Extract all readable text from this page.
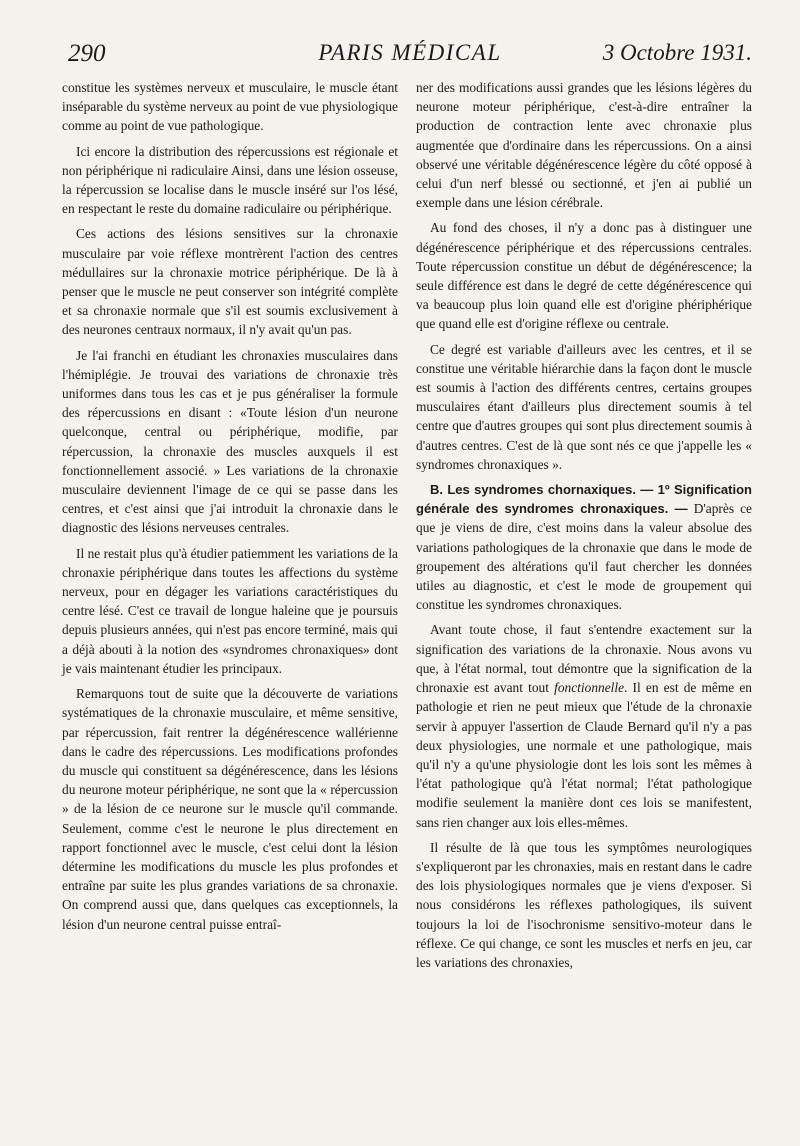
290	PARIS MÉDICAL	3 Octobre 1931.

constitue les systèmes nerveux et musculaire, le muscle étant inséparable du système nerveux au point de vue physiologique comme au point de vue pathologique.

Ici encore la distribution des répercussions est régionale et non périphérique ni radiculaire Ainsi, dans une lésion osseuse, la répercussion se localise dans le muscle inséré sur l'os lésé, en respectant le reste du domaine radiculaire ou périphérique.

Ces actions des lésions sensitives sur la chronaxie musculaire par voie réflexe montrèrent l'action des centres médullaires sur la chronaxie motrice périphérique. De là à penser que le muscle ne peut conserver son intégrité complète et sa chronaxie normale que s'il est soumis exclusivement à des neurones centraux normaux, il n'y avait qu'un pas.

Je l'ai franchi en étudiant les chronaxies musculaires dans l'hémiplégie. Je trouvai des variations de chronaxie très uniformes dans tous les cas et je pus généraliser la formule des répercussions en disant : «Toute lésion d'un neurone quelconque, central ou périphérique, modifie, par répercussion, la chronaxie des muscles auxquels il est fonctionnellement associé. » Les variations de la chronaxie musculaire deviennent l'image de ce qui se passe dans les centres, et c'est ainsi que j'ai introduit la chronaxie dans le diagnostic des lésions nerveuses centrales.

Il ne restait plus qu'à étudier patiemment les variations de la chronaxie périphérique dans toutes les affections du système nerveux, pour en dégager les variations caractéristiques du centre lésé. C'est ce travail de longue haleine que je poursuis depuis plusieurs années, qui n'est pas encore terminé, mais qui a déjà abouti à la notion des «syndromes chronaxiques» dont je vais maintenant étudier les principaux.

Remarquons tout de suite que la découverte de variations systématiques de la chronaxie musculaire, et même sensitive, par répercussion, fait rentrer la dégénérescence wallérienne dans le cadre des répercussions. Les modifications profondes du muscle qui constituent sa dégénérescence, dans les lésions du neurone moteur périphérique, ne sont que la « répercussion » de la lésion de ce neurone sur le muscle qu'il commande. Seulement, comme c'est le neurone le plus directement en rapport fonctionnel avec le muscle, c'est celui dont la lésion détermine les modifications du muscle les plus profondes et entraîne par suite les plus grandes variations de sa chronaxie. On comprend aussi que, dans quelques cas exceptionnels, la lésion d'un neurone central puisse entraî-

ner des modifications aussi grandes que les lésions légères du neurone moteur périphérique, c'est-à-dire entraîner la production de contraction lente avec chronaxie plus augmentée que d'ordinaire dans les répercussions. On a ainsi observé une véritable dégénérescence légère du côté opposé à celui d'un nerf blessé ou sectionné, et j'en ai publié un exemple dans une lésion cérébrale.

Au fond des choses, il n'y a donc pas à distinguer une dégénérescence périphérique et des répercussions centrales. Toute répercussion constitue un début de dégénérescence; la seule différence est dans le degré de cette dégénérescence qui va beaucoup plus loin quand elle est d'origine phériphérique que quand elle est d'origine réflexe ou centrale.

Ce degré est variable d'ailleurs avec les centres, et il se constitue une véritable hiérarchie dans la façon dont le muscle est soumis à l'action des différents centres, certains groupes musculaires étant d'ailleurs plus directement soumis à tel centre que d'autres groupes qui sont plus directement soumis à d'autres centres. C'est de là que sont nés ce que j'appelle les « syndromes chronaxiques ».

B. Les syndromes chornaxiques. — 1º Signification générale des syndromes chronaxiques. — D'après ce que je viens de dire, c'est moins dans la valeur absolue des variations pathologiques de la chronaxie que dans le mode de groupement des altérations qu'il faut chercher les données utiles au diagnostic, et c'est le mode de groupement qui constitue les syndromes chronaxiques.

Avant toute chose, il faut s'entendre exactement sur la signification des variations de la chronaxie. Nous avons vu que, à l'état normal, tout démontre que la signification de la chronaxie est avant tout fonctionnelle. Il en est de même en pathologie et rien ne peut mieux que l'étude de la chronaxie servir à appuyer l'assertion de Claude Bernard qu'il n'y a pas deux physiologies, une normale et une pathologique, mais qu'il n'y a qu'une physiologie dont les lois sont les mêmes à l'état pathologique qu'à l'état normal; l'état pathologique modifie seulement la manière dont ces lois se manifestent, sans rien changer aux lois elles-mêmes.

Il résulte de là que tous les symptômes neurologiques s'expliqueront par les chronaxies, mais en restant dans le cadre des lois physiologiques normales que je viens d'exposer. Si nous considérons les réflexes pathologiques, ils suivent toujours la loi de l'isochronisme sensitivo-moteur dans le réflexe. Ce qui change, ce sont les muscles et nerfs en jeu, car les variations des chronaxies,
